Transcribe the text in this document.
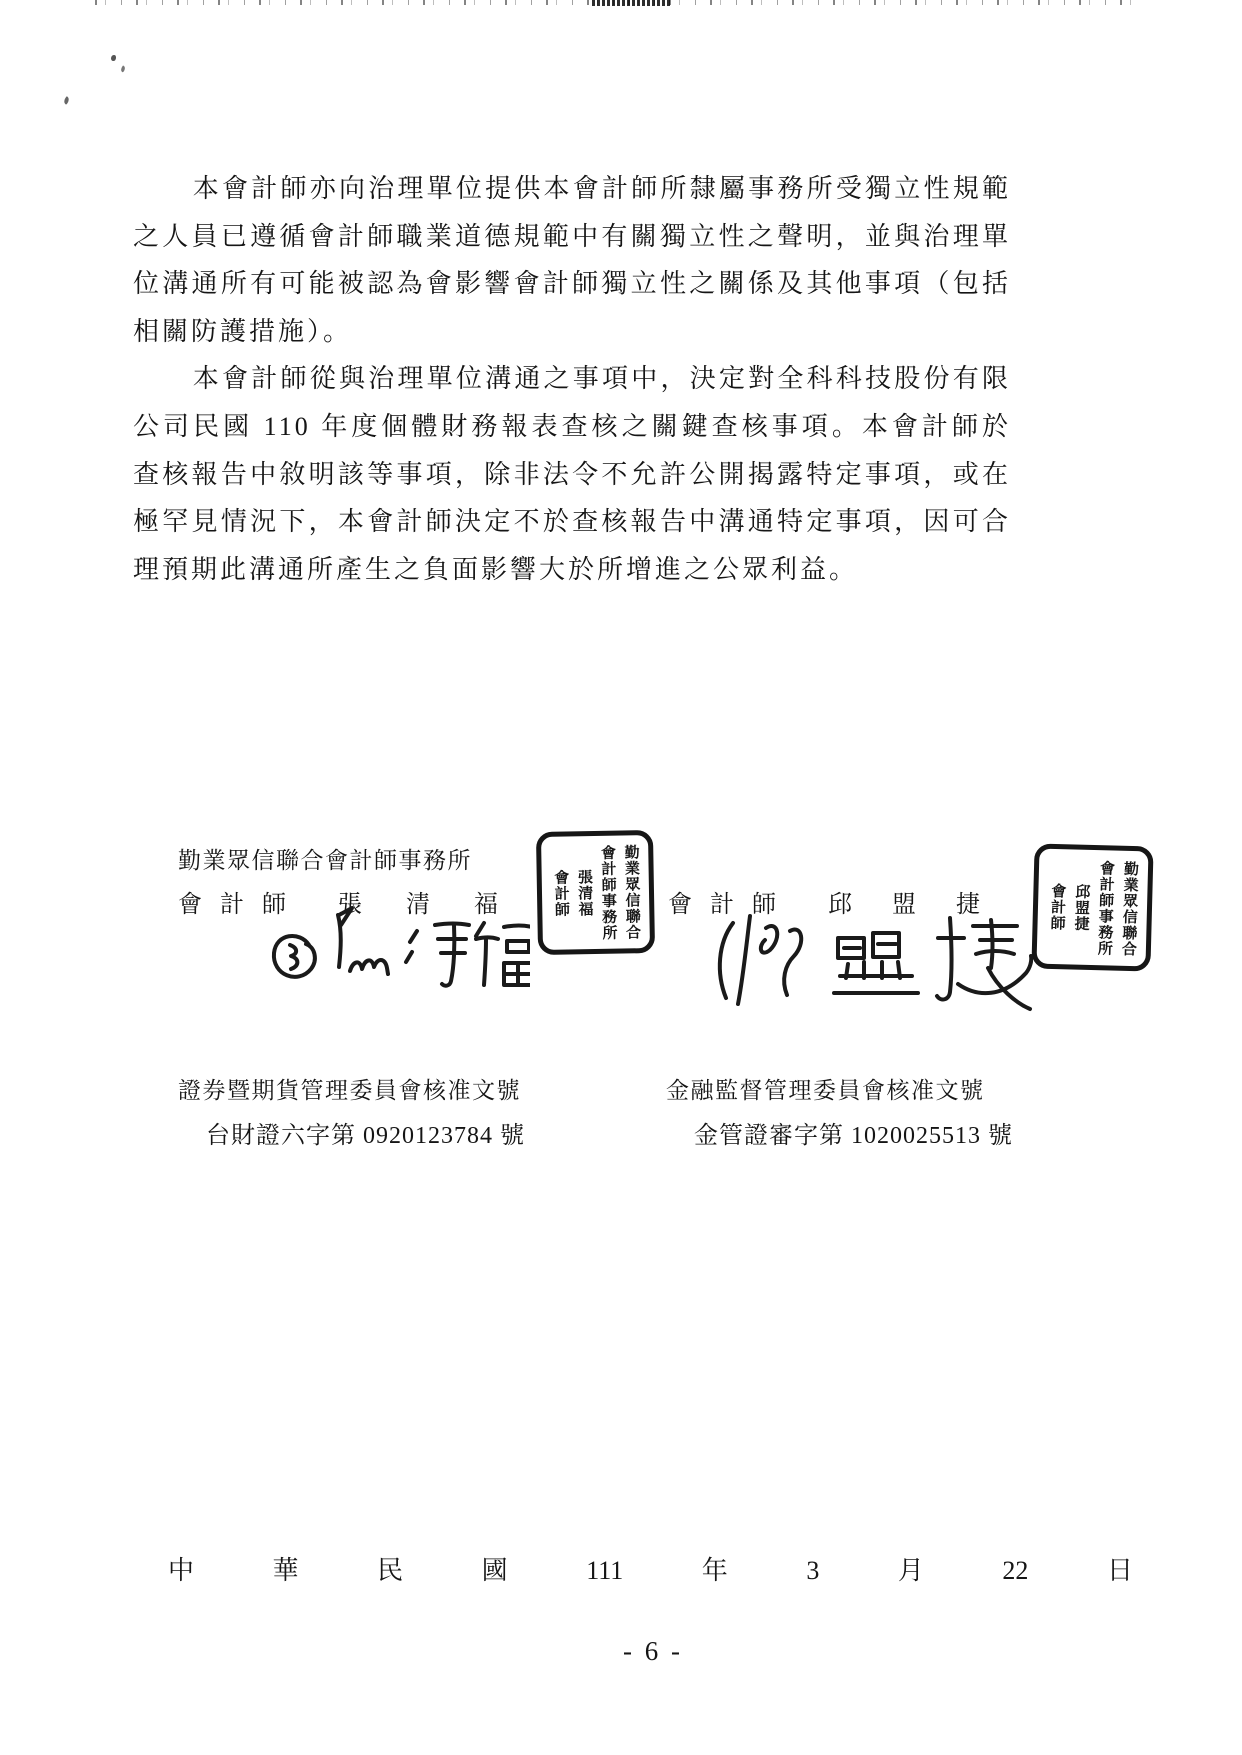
本會計師亦向治理單位提供本會計師所隸屬事務所受獨立性規範之人員已遵循會計師職業道德規範中有關獨立性之聲明，並與治理單位溝通所有可能被認為會影響會計師獨立性之關係及其他事項（包括相關防護措施）。

本會計師從與治理單位溝通之事項中，決定對全科科技股份有限公司民國 110 年度個體財務報表查核之關鍵查核事項。本會計師於查核報告中敘明該等事項，除非法令不允許公開揭露特定事項，或在極罕見情況下，本會計師決定不於查核報告中溝通特定事項，因可合理預期此溝通所產生之負面影響大於所增進之公眾利益。

勤業眾信聯合會計師事務所
會 計 師 張 清 福	會 計 師 邱 盟 捷
勤業眾信聯合
會計師事務所
張清福
會計師	勤業眾信聯合
會計師事務所
邱盟捷
會計師
證券暨期貨管理委員會核准文號
台財證六字第 0920123784 號
金融監督管理委員會核准文號
金管證審字第 1020025513 號
中	華	民	國	111	年	3	月	22	日
- 6 -
